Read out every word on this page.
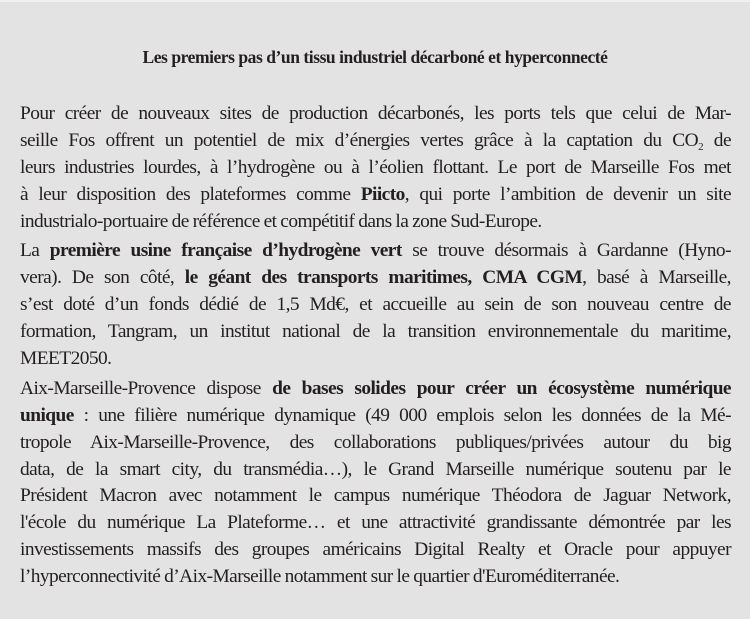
Les premiers pas d’un tissu industriel décarboné et hyperconnecté
Pour créer de nouveaux sites de production décarbonés, les ports tels que celui de Mar-
seille Fos offrent un potentiel de mix d’énergies vertes grâce à la captation du $CO_2$ de
leurs industries lourdes, à l’hydrogène ou à l’éolien flottant. Le port de Marseille Fos met
à leur disposition des plateformes comme Piicto, qui porte l’ambition de devenir un site
industrialo-portuaire de référence et compétitif dans la zone Sud-Europe.
La première usine française d’hydrogène vert se trouve désormais à Gardanne (Hyno-
vera). De son côté, le géant des transports maritimes, CMA CGM, basé à Marseille,
s’est doté d’un fonds dédié de 1,5 Md€, et accueille au sein de son nouveau centre de
formation, Tangram, un institut national de la transition environnementale du maritime,
MEET2050.
Aix-Marseille-Provence dispose de bases solides pour créer un écosystème numérique
unique : une filière numérique dynamique (49 000 emplois selon les données de la Mé-
tropole Aix-Marseille-Provence, des collaborations publiques/privées autour du big
data, de la smart city, du transmédia…), le Grand Marseille numérique soutenu par le
Président Macron avec notamment le campus numérique Théodora de Jaguar Network,
l'école du numérique La Plateforme… et une attractivité grandissante démontrée par les
investissements massifs des groupes américains Digital Realty et Oracle pour appuyer
l’hyperconnectivité d’Aix-Marseille notamment sur le quartier d'Euroméditerranée.
